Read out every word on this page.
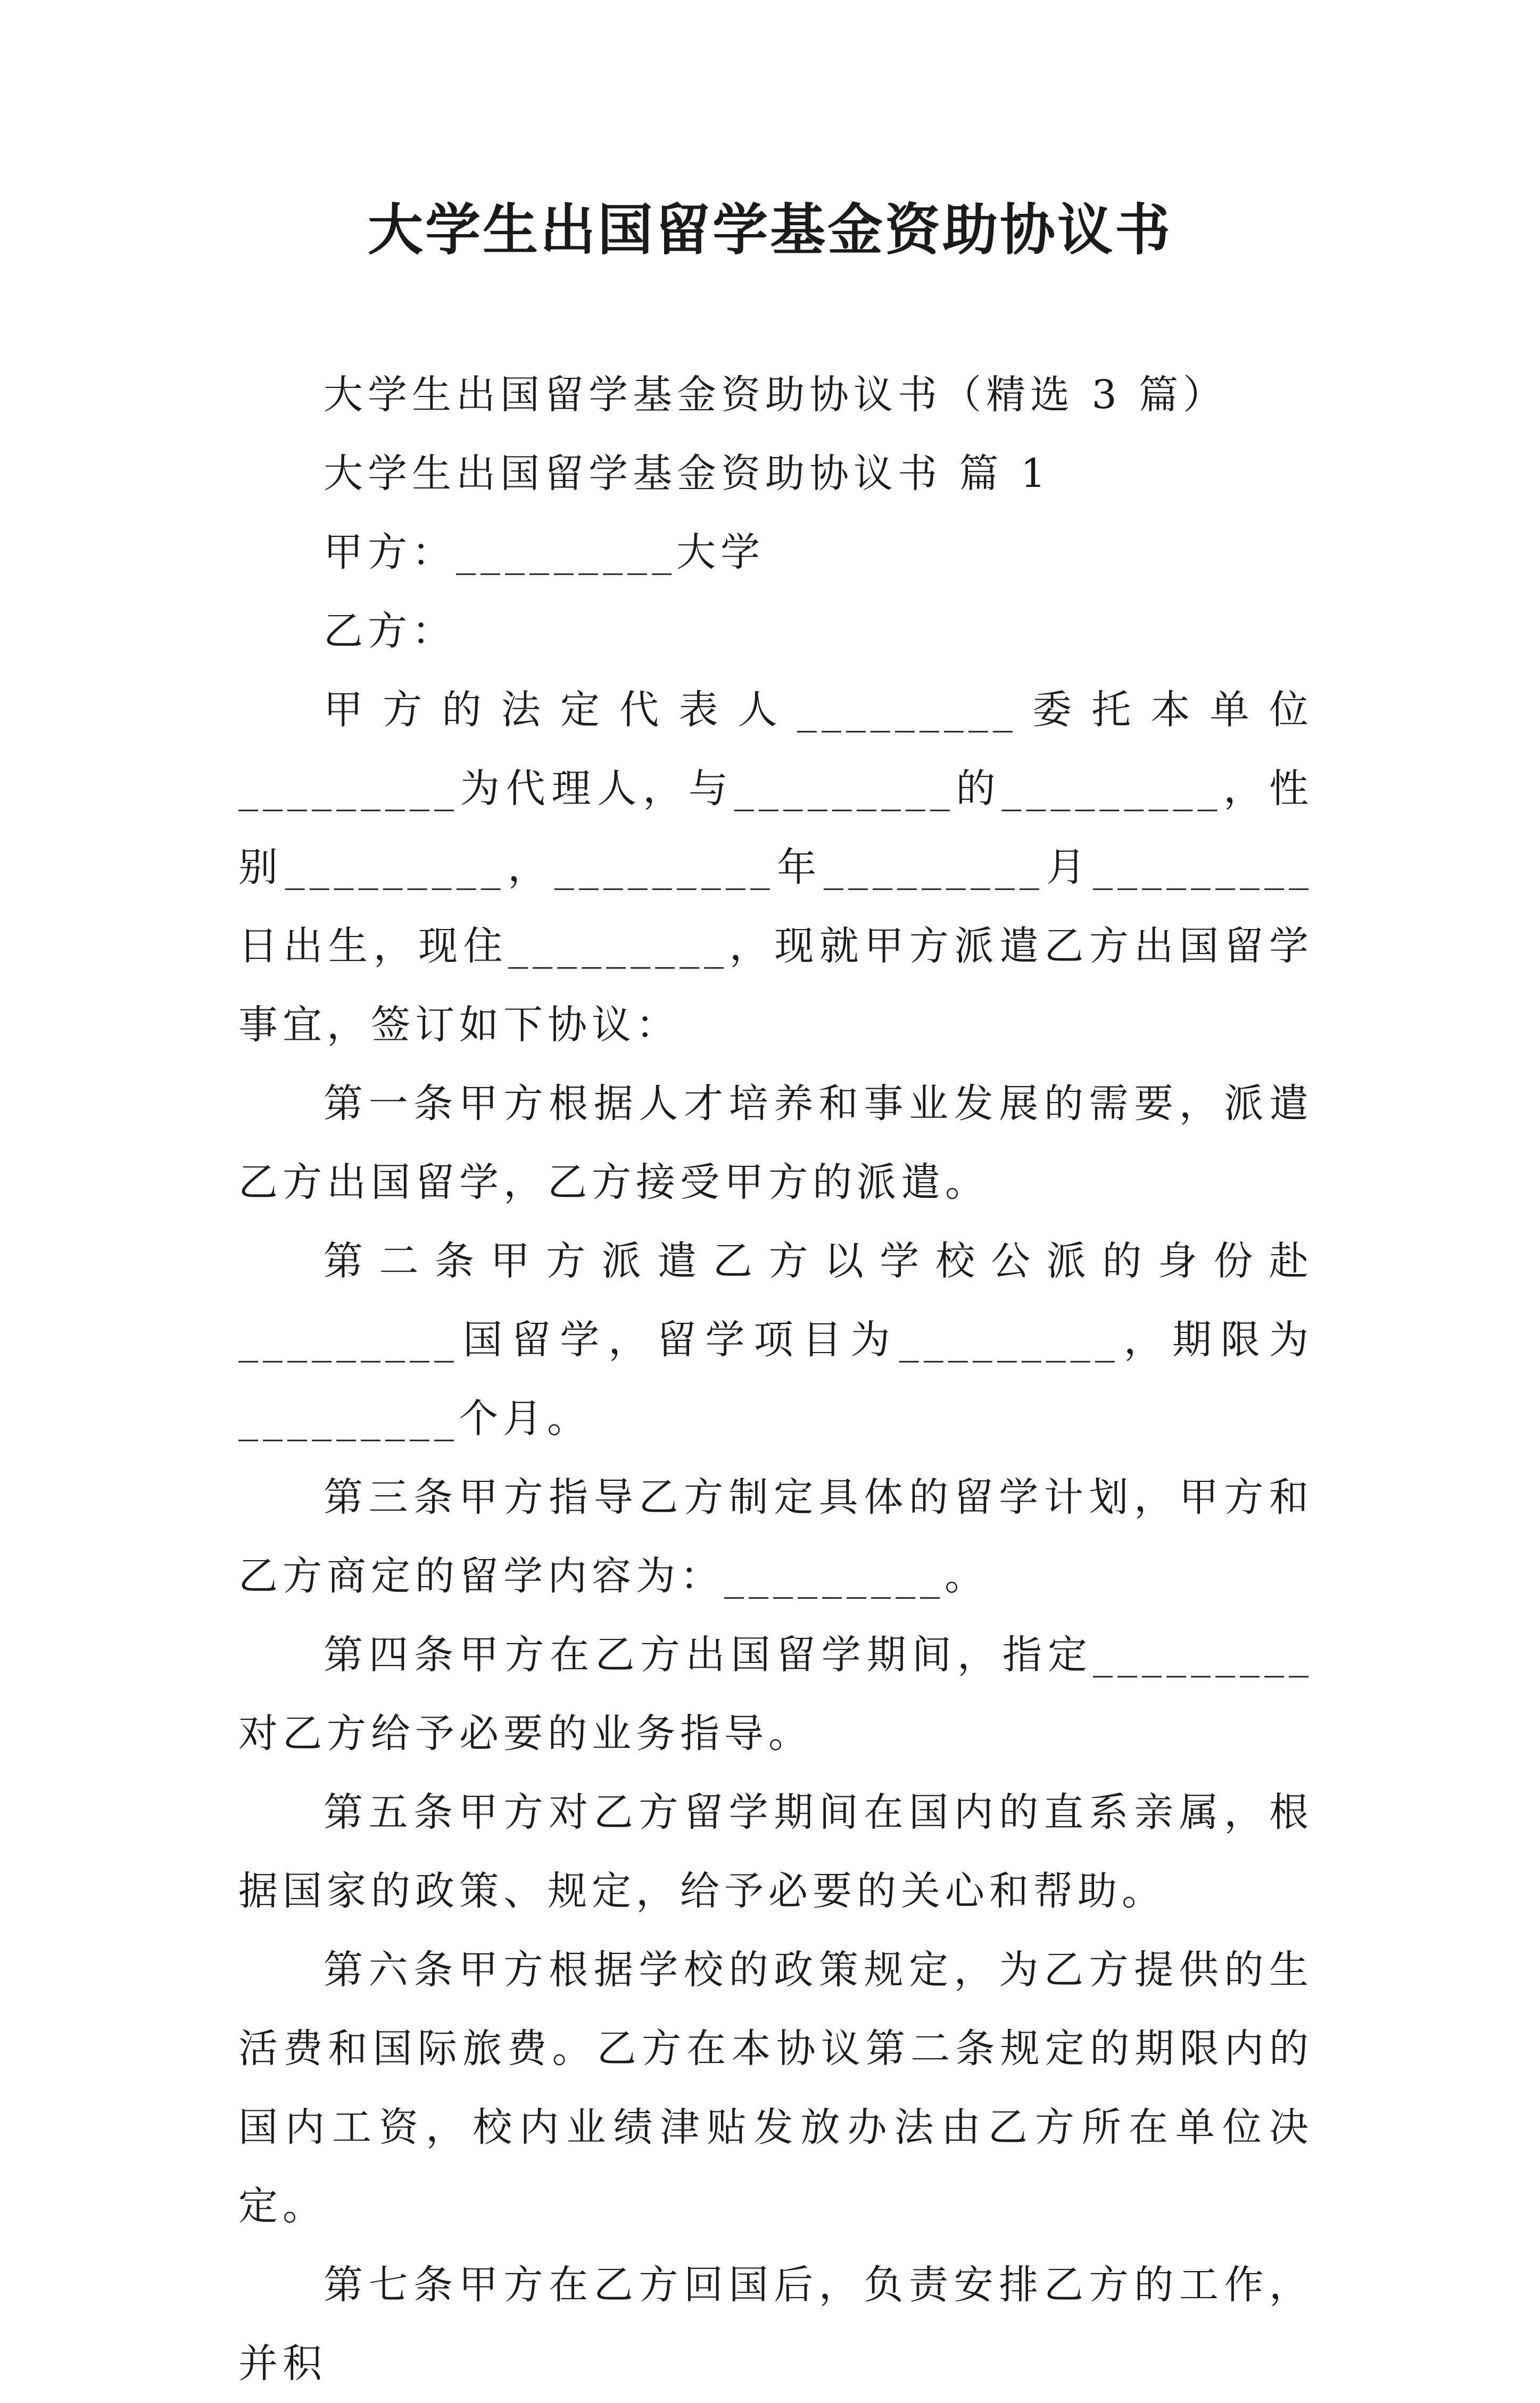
大学生出国留学基金资助协议书

大学生出国留学基金资助协议书（精选 3 篇）

大学生出国留学基金资助协议书 篇 1

甲方：_________大学

乙方：

甲方的法定代表人_________委托本单位_________为代理人，与_________的_________，性别_________，_________年_________月_________日出生，现住_________，现就甲方派遣乙方出国留学事宜，签订如下协议：

第一条甲方根据人才培养和事业发展的需要，派遣乙方出国留学，乙方接受甲方的派遣。

第二条甲方派遣乙方以学校公派的身份赴_________国留学，留学项目为_________，期限为_________个月。

第三条甲方指导乙方制定具体的留学计划，甲方和乙方商定的留学内容为：_________。

第四条甲方在乙方出国留学期间，指定_________对乙方给予必要的业务指导。

第五条甲方对乙方留学期间在国内的直系亲属，根据国家的政策、规定，给予必要的关心和帮助。

第六条甲方根据学校的政策规定，为乙方提供的生活费和国际旅费。乙方在本协议第二条规定的期限内的国内工资，校内业绩津贴发放办法由乙方所在单位决定。

第七条甲方在乙方回国后，负责安排乙方的工作，并积
